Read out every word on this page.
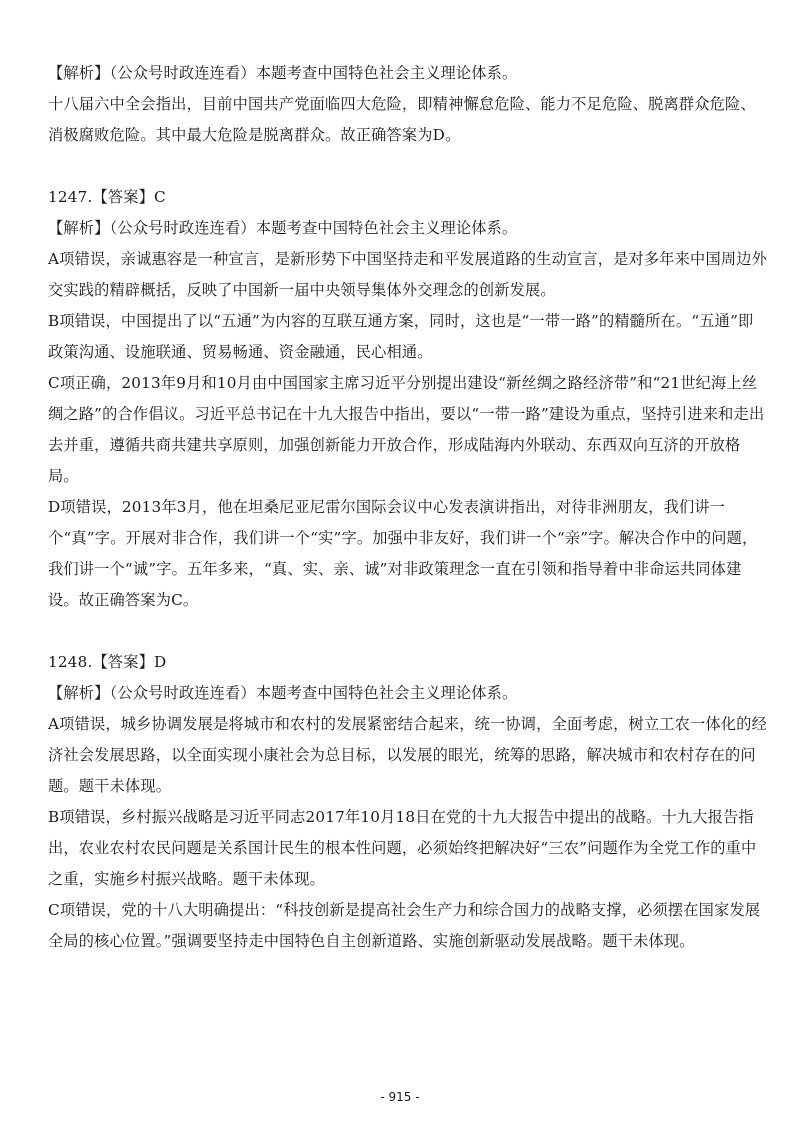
【解析】（公众号时政连连看）本题考查中国特色社会主义理论体系。

十八届六中全会指出，目前中国共产党面临四大危险，即精神懈怠危险、能力不足危险、脱离群众危险、消极腐败危险。其中最大危险是脱离群众。故正确答案为D。

1247.【答案】C

【解析】（公众号时政连连看）本题考查中国特色社会主义理论体系。

A项错误，亲诚惠容是一种宣言，是新形势下中国坚持走和平发展道路的生动宣言，是对多年来中国周边外交实践的精辟概括，反映了中国新一届中央领导集体外交理念的创新发展。

B项错误，中国提出了以“五通”为内容的互联互通方案，同时，这也是“一带一路”的精髓所在。“五通”即政策沟通、设施联通、贸易畅通、资金融通，民心相通。

C项正确，2013年9月和10月由中国国家主席习近平分别提出建设“新丝绸之路经济带”和“21世纪海上丝绸之路”的合作倡议。习近平总书记在十九大报告中指出，要以“一带一路”建设为重点，坚持引进来和走出去并重，遵循共商共建共享原则，加强创新能力开放合作，形成陆海内外联动、东西双向互济的开放格局。

D项错误，2013年3月，他在坦桑尼亚尼雷尔国际会议中心发表演讲指出，对待非洲朋友，我们讲一个“真”字。开展对非合作，我们讲一个“实”字。加强中非友好，我们讲一个“亲”字。解决合作中的问题，我们讲一个“诚”字。五年多来，“真、实、亲、诚”对非政策理念一直在引领和指导着中非命运共同体建设。故正确答案为C。

1248.【答案】D

【解析】（公众号时政连连看）本题考查中国特色社会主义理论体系。

A项错误，城乡协调发展是将城市和农村的发展紧密结合起来，统一协调，全面考虑，树立工农一体化的经济社会发展思路，以全面实现小康社会为总目标，以发展的眼光，统筹的思路，解决城市和农村存在的问题。题干未体现。

B项错误，乡村振兴战略是习近平同志2017年10月18日在党的十九大报告中提出的战略。十九大报告指出，农业农村农民问题是关系国计民生的根本性问题，必须始终把解决好“三农”问题作为全党工作的重中之重，实施乡村振兴战略。题干未体现。

C项错误，党的十八大明确提出：“科技创新是提高社会生产力和综合国力的战略支撑，必须摆在国家发展全局的核心位置。”强调要坚持走中国特色自主创新道路、实施创新驱动发展战略。题干未体现。

- 915 -
